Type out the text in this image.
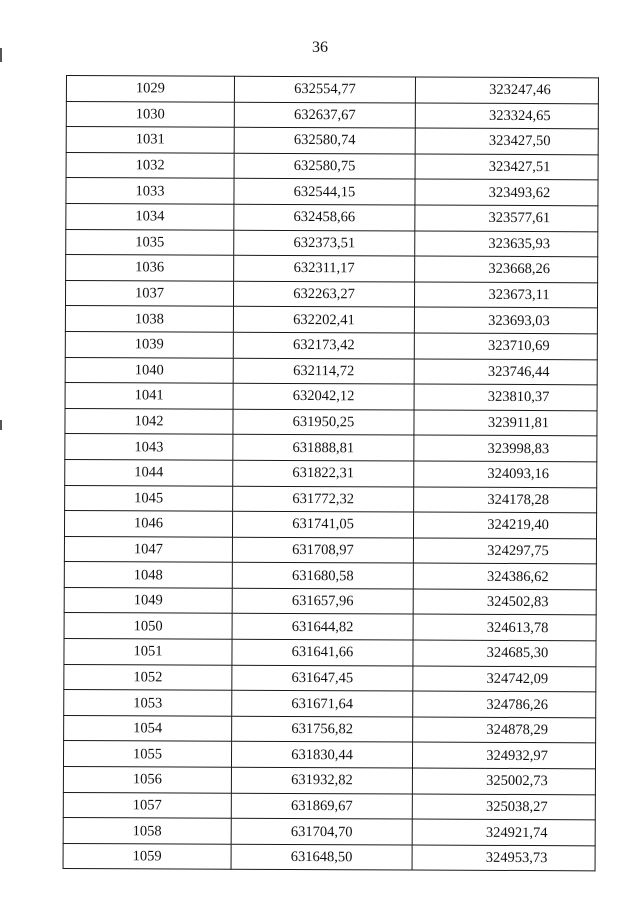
36
1029	632554,77	323247,46
1030	632637,67	323324,65
1031	632580,74	323427,50
1032	632580,75	323427,51
1033	632544,15	323493,62
1034	632458,66	323577,61
1035	632373,51	323635,93
1036	632311,17	323668,26
1037	632263,27	323673,11
1038	632202,41	323693,03
1039	632173,42	323710,69
1040	632114,72	323746,44
1041	632042,12	323810,37
1042	631950,25	323911,81
1043	631888,81	323998,83
1044	631822,31	324093,16
1045	631772,32	324178,28
1046	631741,05	324219,40
1047	631708,97	324297,75
1048	631680,58	324386,62
1049	631657,96	324502,83
1050	631644,82	324613,78
1051	631641,66	324685,30
1052	631647,45	324742,09
1053	631671,64	324786,26
1054	631756,82	324878,29
1055	631830,44	324932,97
1056	631932,82	325002,73
1057	631869,67	325038,27
1058	631704,70	324921,74
1059	631648,50	324953,73
